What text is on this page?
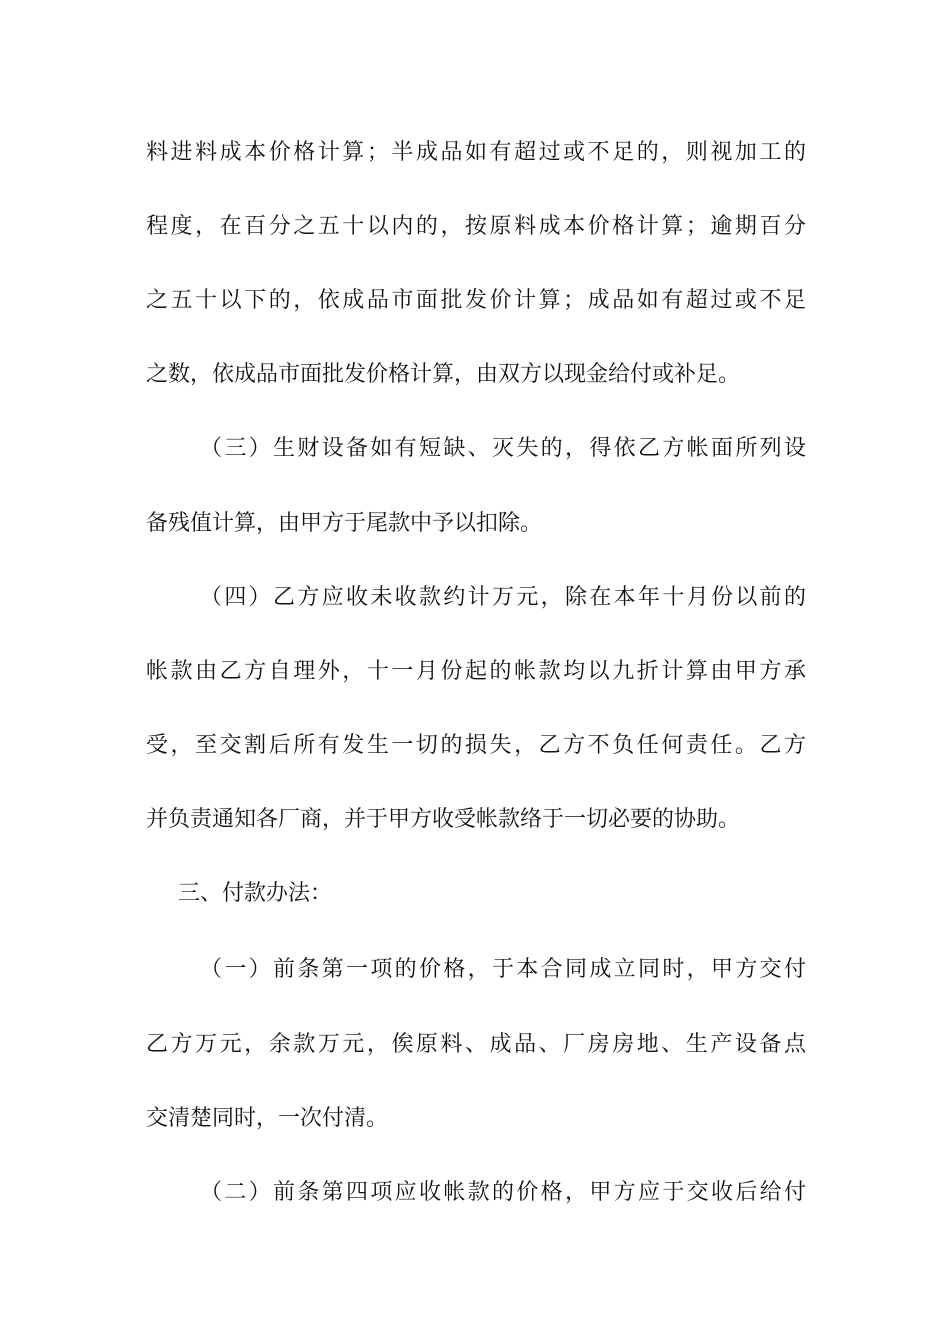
料进料成本价格计算；半成品如有超过或不足的，则视加工的
程度，在百分之五十以内的，按原料成本价格计算；逾期百分
之五十以下的，依成品市面批发价计算；成品如有超过或不足
之数，依成品市面批发价格计算，由双方以现金给付或补足。
（三）生财设备如有短缺、灭失的，得依乙方帐面所列设
备残值计算，由甲方于尾款中予以扣除。
（四）乙方应收未收款约计万元，除在本年十月份以前的
帐款由乙方自理外，十一月份起的帐款均以九折计算由甲方承
受，至交割后所有发生一切的损失，乙方不负任何责任。乙方
并负责通知各厂商，并于甲方收受帐款络于一切必要的协助。
三、付款办法：
（一）前条第一项的价格，于本合同成立同时，甲方交付
乙方万元，余款万元，俟原料、成品、厂房房地、生产设备点
交清楚同时，一次付清。
（二）前条第四项应收帐款的价格，甲方应于交收后给付
